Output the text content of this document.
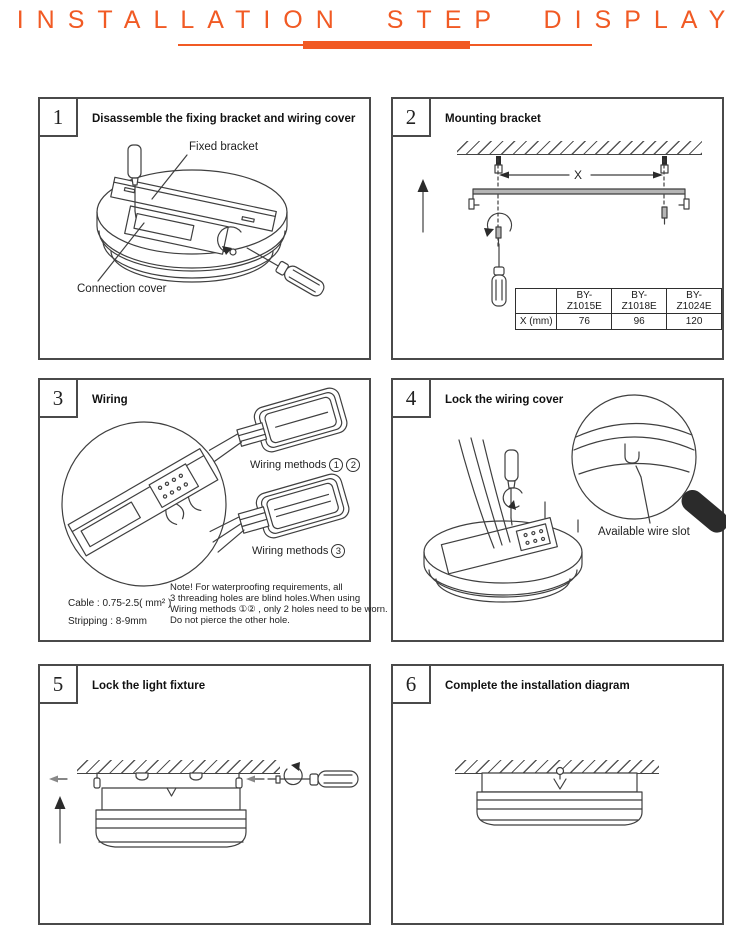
INSTALLATION STEP DISPLAY
1	Disassemble the fixing bracket and wiring cover
Fixed bracket
Connection cover
2	Mounting bracket
X
	BY-Z1015E	BY-Z1018E	BY-Z1024E
X (mm)	76	96	120
3	Wiring
Wiring methods 1	2
Wiring methods 3
Note! For waterproofing requirements, all
3 threading holes are blind holes.When using
Wiring methods ①② , only 2 holes need to be worn.
Do not pierce the other hole.
Cable : 0.75-2.5( mm² )
Stripping : 8-9mm
4	Lock the wiring cover
Available wire slot
5	Lock the light fixture	6	Complete the installation diagram
